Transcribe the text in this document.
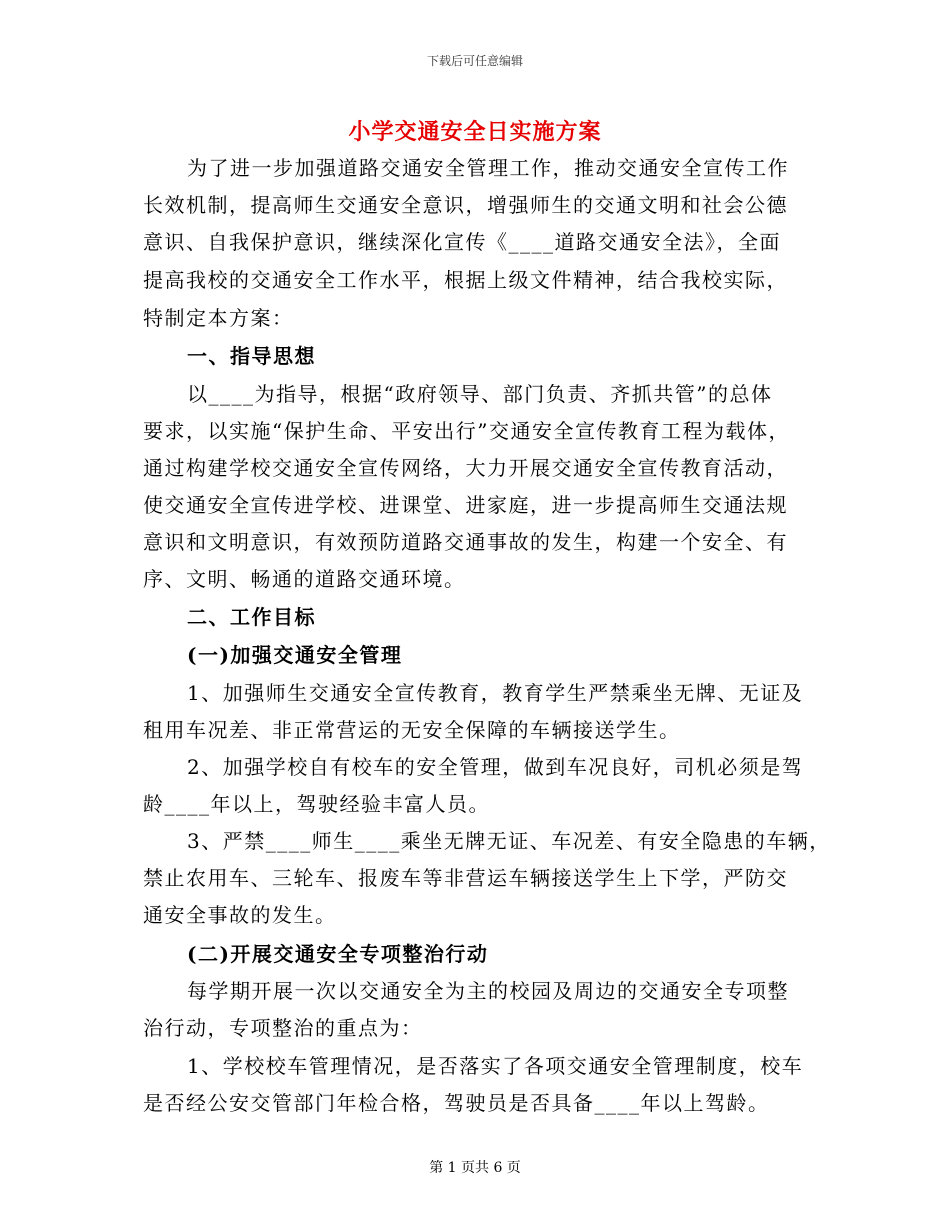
下载后可任意编辑
小学交通安全日实施方案
为了进一步加强道路交通安全管理工作，推动交通安全宣传工作
长效机制，提高师生交通安全意识，增强师生的交通文明和社会公德
意识、自我保护意识，继续深化宣传《____道路交通安全法》，全面
提高我校的交通安全工作水平，根据上级文件精神，结合我校实际，
特制定本方案：
一、指导思想
以____为指导，根据“政府领导、部门负责、齐抓共管”的总体
要求，以实施“保护生命、平安出行”交通安全宣传教育工程为载体，
通过构建学校交通安全宣传网络，大力开展交通安全宣传教育活动，
使交通安全宣传进学校、进课堂、进家庭，进一步提高师生交通法规
意识和文明意识，有效预防道路交通事故的发生，构建一个安全、有
序、文明、畅通的道路交通环境。
二、工作目标
(一)加强交通安全管理
1、加强师生交通安全宣传教育，教育学生严禁乘坐无牌、无证及
租用车况差、非正常营运的无安全保障的车辆接送学生。
2、加强学校自有校车的安全管理，做到车况良好，司机必须是驾
龄____年以上，驾驶经验丰富人员。
3、严禁____师生____乘坐无牌无证、车况差、有安全隐患的车辆，
禁止农用车、三轮车、报废车等非营运车辆接送学生上下学，严防交
通安全事故的发生。
(二)开展交通安全专项整治行动
每学期开展一次以交通安全为主的校园及周边的交通安全专项整
治行动，专项整治的重点为：
1、学校校车管理情况，是否落实了各项交通安全管理制度，校车
是否经公安交管部门年检合格，驾驶员是否具备____年以上驾龄。
第 1 页共 6 页
